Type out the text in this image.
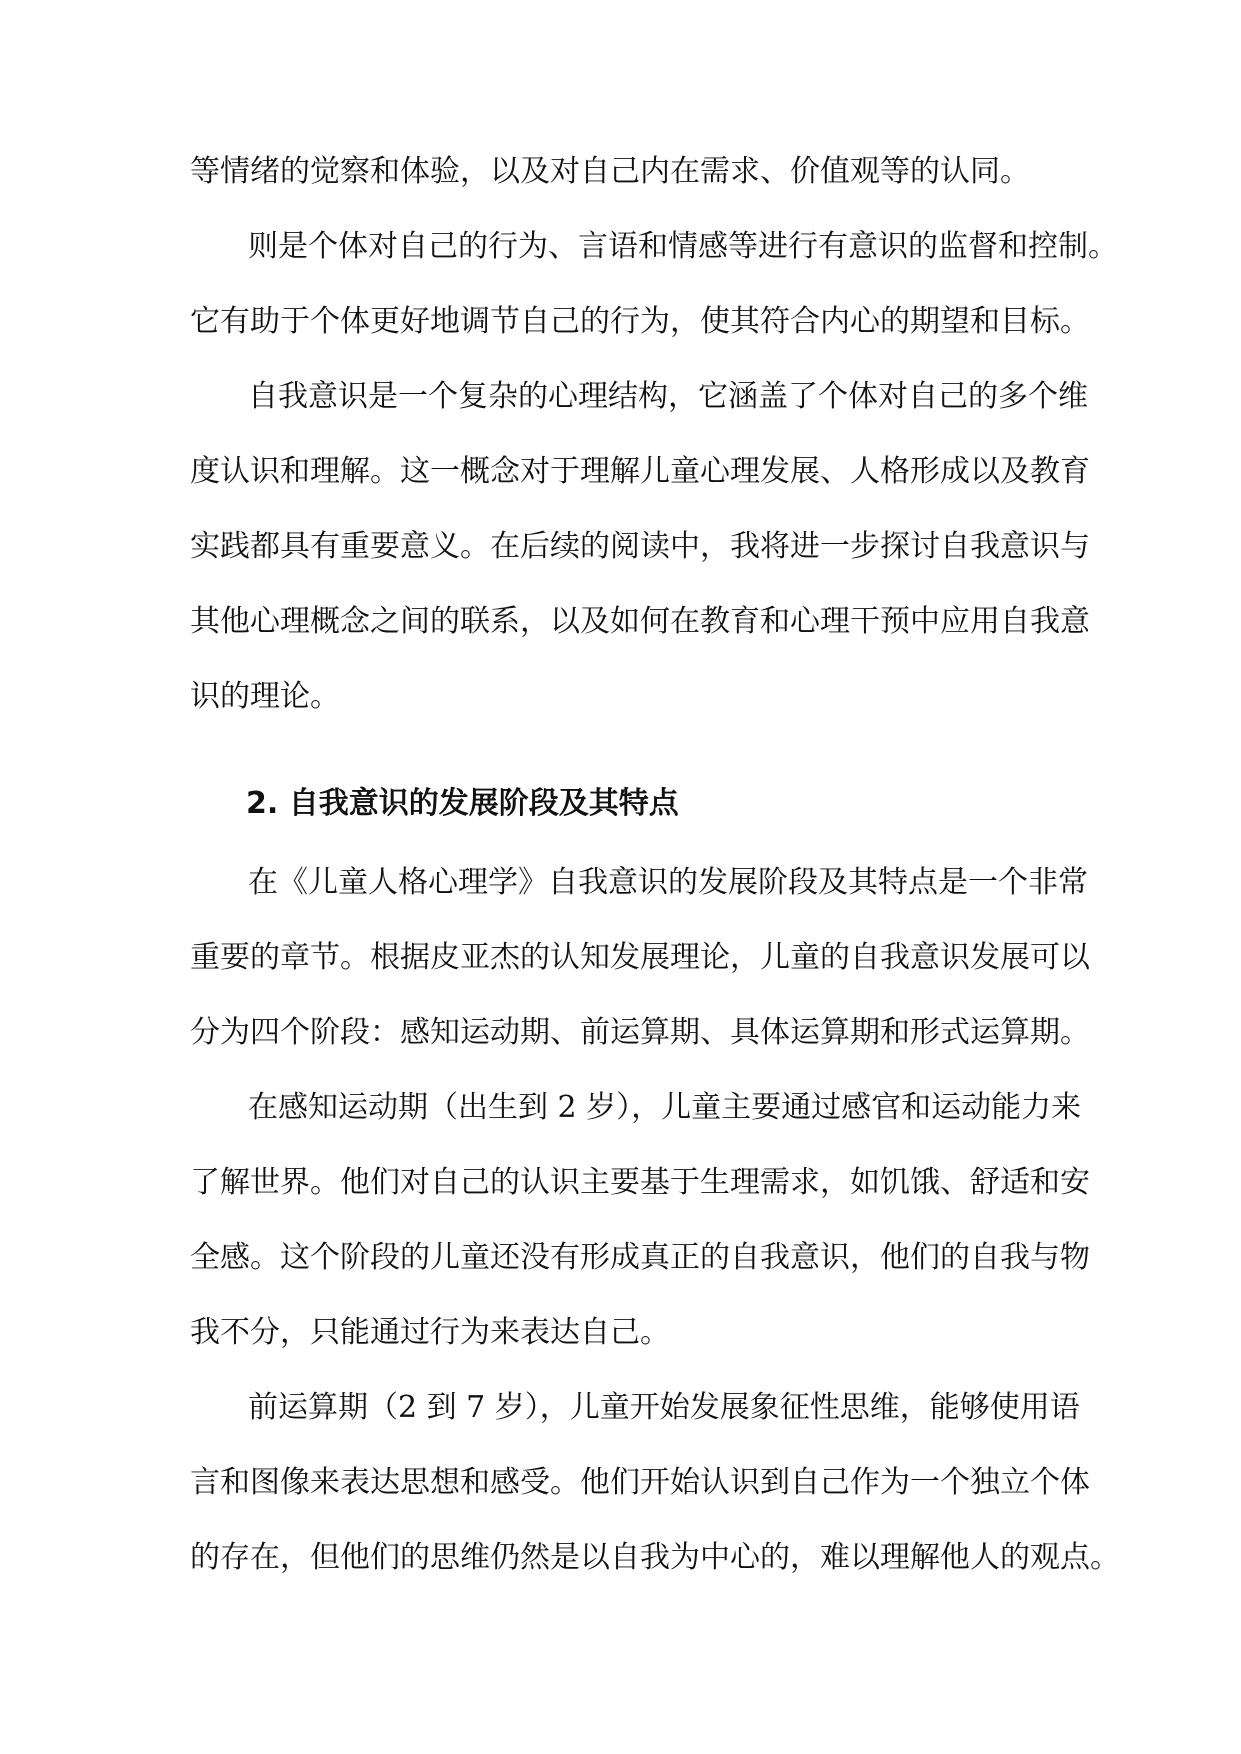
等情绪的觉察和体验，以及对自己内在需求、价值观等的认同。
则是个体对自己的行为、言语和情感等进行有意识的监督和控制。
它有助于个体更好地调节自己的行为，使其符合内心的期望和目标。
自我意识是一个复杂的心理结构，它涵盖了个体对自己的多个维
度认识和理解。这一概念对于理解儿童心理发展、人格形成以及教育
实践都具有重要意义。在后续的阅读中，我将进一步探讨自我意识与
其他心理概念之间的联系，以及如何在教育和心理干预中应用自我意
识的理论。
2. 自我意识的发展阶段及其特点
在《儿童人格心理学》自我意识的发展阶段及其特点是一个非常
重要的章节。根据皮亚杰的认知发展理论，儿童的自我意识发展可以
分为四个阶段：感知运动期、前运算期、具体运算期和形式运算期。
在感知运动期（出生到 2 岁），儿童主要通过感官和运动能力来
了解世界。他们对自己的认识主要基于生理需求，如饥饿、舒适和安
全感。这个阶段的儿童还没有形成真正的自我意识，他们的自我与物
我不分，只能通过行为来表达自己。
前运算期（2 到 7 岁），儿童开始发展象征性思维，能够使用语
言和图像来表达思想和感受。他们开始认识到自己作为一个独立个体
的存在，但他们的思维仍然是以自我为中心的，难以理解他人的观点。
